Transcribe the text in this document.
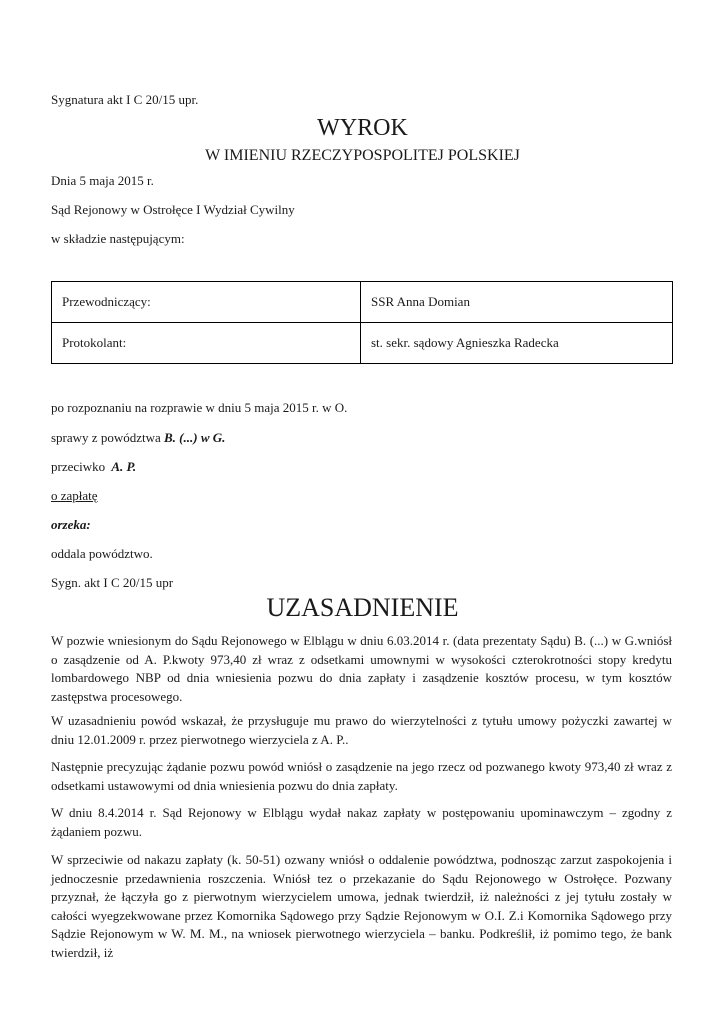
Sygnatura akt I C 20/15 upr.
WYROK
W IMIENIU RZECZYPOSPOLITEJ POLSKIEJ
Dnia 5 maja 2015 r.
Sąd Rejonowy w Ostrołęce I Wydział Cywilny
w składzie następującym:
Przewodniczący:	SSR Anna Domian
Protokolant:	st. sekr. sądowy Agnieszka Radecka
po rozpoznaniu na rozprawie w dniu 5 maja 2015 r. w O.
sprawy z powództwa B. (...) w G.
przeciwko A. P.
o zapłatę
orzeka:
oddala powództwo.
Sygn. akt I C 20/15 upr
UZASADNIENIE
W pozwie wniesionym do Sądu Rejonowego w Elblągu w dniu 6.03.2014 r. (data prezentaty Sądu) B. (...) w G.wniósł o zasądzenie od A. P.kwoty 973,40 zł wraz z odsetkami umownymi w wysokości czterokrotności stopy kredytu lombardowego NBP od dnia wniesienia pozwu do dnia zapłaty i zasądzenie kosztów procesu, w tym kosztów zastępstwa procesowego.
W uzasadnieniu powód wskazał, że przysługuje mu prawo do wierzytelności z tytułu umowy pożyczki zawartej w dniu 12.01.2009 r. przez pierwotnego wierzyciela z A. P..
Następnie precyzując żądanie pozwu powód wniósł o zasądzenie na jego rzecz od pozwanego kwoty 973,40 zł wraz z odsetkami ustawowymi od dnia wniesienia pozwu do dnia zapłaty.
W dniu 8.4.2014 r. Sąd Rejonowy w Elblągu wydał nakaz zapłaty w postępowaniu upominawczym – zgodny z żądaniem pozwu.
W sprzeciwie od nakazu zapłaty (k. 50-51) ozwany wniósł o oddalenie powództwa, podnosząc zarzut zaspokojenia i jednoczesnie przedawnienia roszczenia. Wniósł tez o przekazanie do Sądu Rejonowego w Ostrołęce. Pozwany przyznał, że łączyła go z pierwotnym wierzycielem umowa, jednak twierdził, iż należności z jej tytułu zostały w całości wyegzekwowane przez Komornika Sądowego przy Sądzie Rejonowym w O.I. Z.i Komornika Sądowego przy Sądzie Rejonowym w W. M. M., na wniosek pierwotnego wierzyciela – banku. Podkreślił, iż pomimo tego, że bank twierdził, iż
